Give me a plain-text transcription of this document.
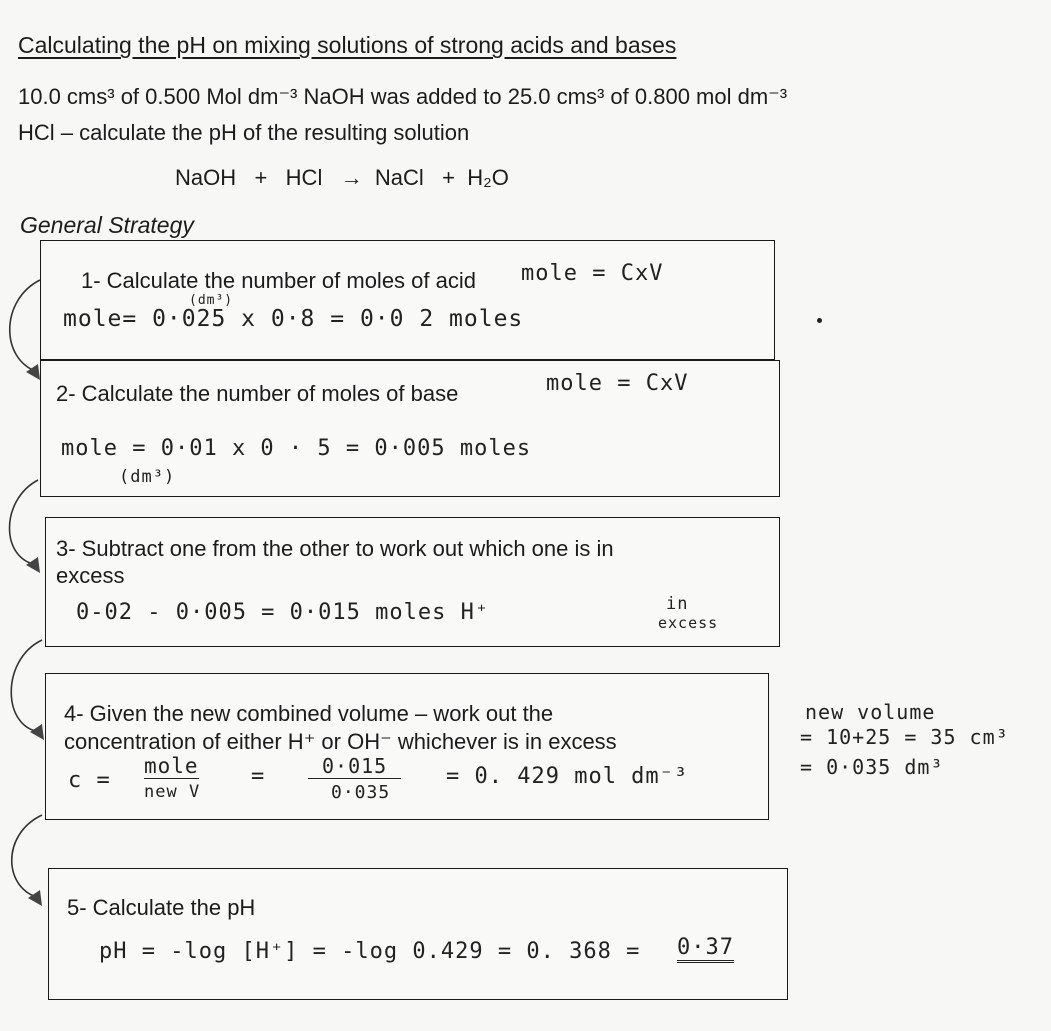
Calculating the pH on mixing solutions of strong acids and bases
10.0 cms³ of 0.500 Mol dm⁻³ NaOH was added to 25.0 cms³ of 0.800 mol dm⁻³
HCl – calculate the pH of the resulting solution
NaOH + HCl → NaCl + H₂O
General Strategy
1- Calculate the number of moles of acid mole = CxV
(dm³)
mole= 0·025 x 0·8 = 0·0 2 moles
2- Calculate the number of moles of base	mole = CxV
mole = 0·01 x 0 · 5 = 0·005 moles
(dm³)
3- Subtract one from the other to work out which one is in
excess
0-02 - 0·005 = 0·015 moles H⁺	in
excess
4- Given the new combined volume – work out the
concentration of either H⁺ or OH⁻ whichever is in excess
c =
mole
new V
=	0·015
0·035
= 0. 429 mol dm⁻³
new volume
= 10+25 = 35 cm³
= 0·035 dm³
5- Calculate the pH
pH = -log [H⁺] = -log 0.429 = 0. 368 = 0·37
